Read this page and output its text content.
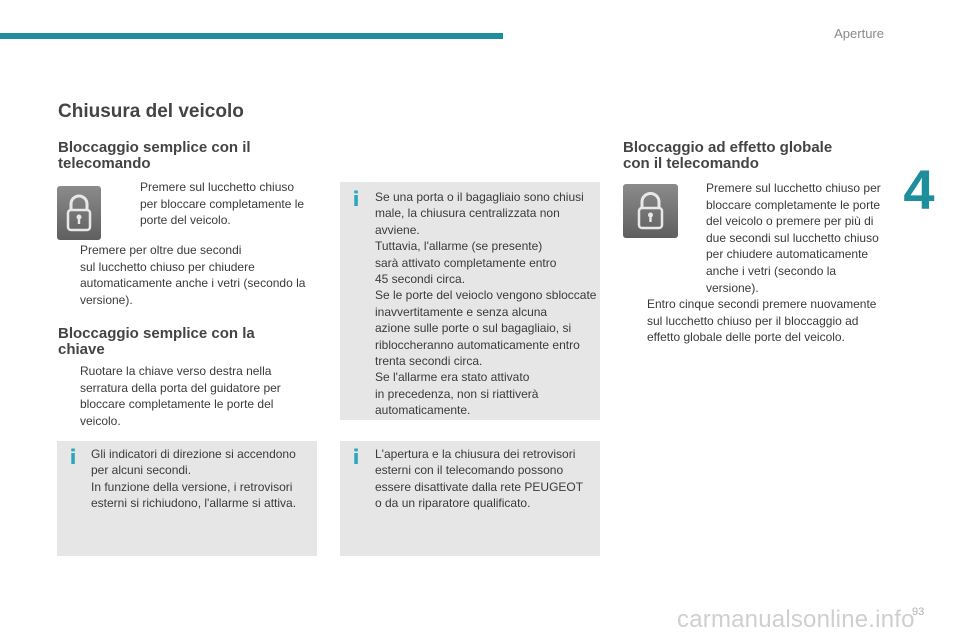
Aperture
4
Chiusura del veicolo
Bloccaggio semplice con il
telecomando

Premere sul lucchetto chiuso
per bloccare completamente le
porte del veicolo.

Premere per oltre due secondi
sul lucchetto chiuso per chiudere
automaticamente anche i vetri (secondo la
versione).

Bloccaggio semplice con la
chiave

Ruotare la chiave verso destra nella
serratura della porta del guidatore per
bloccare completamente le porte del
veicolo.

i Gli indicatori di direzione si accendono
per alcuni secondi.
In funzione della versione, i retrovisori
esterni si richiudono, l'allarme si attiva.

i Se una porta o il bagagliaio sono chiusi
male, la chiusura centralizzata non
avviene.
Tuttavia, l'allarme (se presente)
sarà attivato completamente entro
45 secondi circa.
Se le porte del veioclo vengono sbloccate
inavvertitamente e senza alcuna
azione sulle porte o sul bagagliaio, si
ribloccheranno automaticamente entro
trenta secondi circa.
Se l'allarme era stato attivato
in precedenza, non si riattiverà
automaticamente.

i L'apertura e la chiusura dei retrovisori
esterni con il telecomando possono
essere disattivate dalla rete PEUGEOT
o da un riparatore qualificato.

Bloccaggio ad effetto globale
con il telecomando

Premere sul lucchetto chiuso per
bloccare completamente le porte
del veicolo o premere per più di
due secondi sul lucchetto chiuso
per chiudere automaticamente
anche i vetri (secondo la
versione).

Entro cinque secondi premere nuovamente
sul lucchetto chiuso per il bloccaggio ad
effetto globale delle porte del veicolo.

93
carmanualsonline.info
